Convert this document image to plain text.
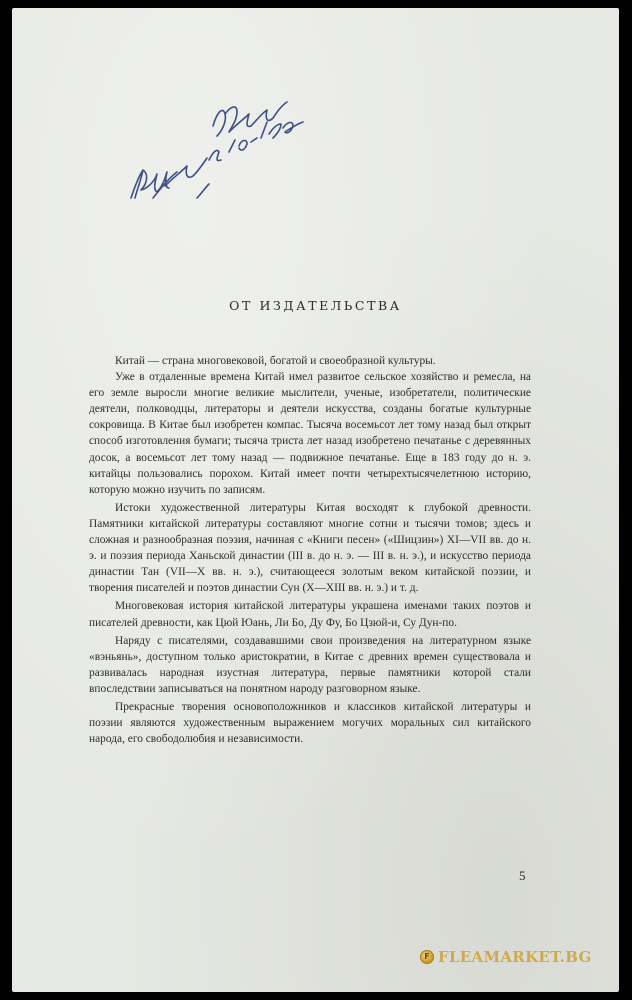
ОТ ИЗДАТЕЛЬСТВА

Китай — страна многовековой, богатой и своеобразной культуры.

Уже в отдаленные времена Китай имел развитое сельское хозяйство и ремесла, на его земле выросли многие великие мыслители, ученые, изобретатели, политические деятели, полководцы, литераторы и деятели искусства, созданы богатые культурные сокровища. В Китае был изобретен компас. Тысяча восемьсот лет тому назад был открыт способ изготовления бумаги; тысяча триста лет назад изобретено печатанье с деревянных досок, а восемьсот лет тому назад — подвижное печатанье. Еще в 183 году до н. э. китайцы пользовались порохом. Китай имеет почти четырехтысячелетнюю историю, которую можно изучить по записям.

Истоки художественной литературы Китая восходят к глубокой древности. Памятники китайской литературы составляют многие сотни и тысячи томов; здесь и сложная и разнообразная поэзия, начиная с «Книги песен» («Шицзин») XI—VII вв. до н. э. и поэзия периода Ханьской династии (III в. до н. э. — III в. н. э.), и искусство периода династии Тан (VII—X вв. н. э.), считающееся золотым веком китайской поэзии, и творения писателей и поэтов династии Сун (X—XIII вв. н. э.) и т. д.

Многовековая история китайской литературы украшена именами таких поэтов и писателей древности, как Цюй Юань, Ли Бо, Ду Фу, Бо Цзюй-и, Су Дун-по.

Наряду с писателями, создававшими свои произведения на литературном языке «вэньянь», доступном только аристократии, в Китае с древних времен существовала и развивалась народная изустная литература, первые памятники которой стали впоследствии записываться на понятном народу разговорном языке.

Прекрасные творения основоположников и классиков китайской литературы и поэзии являются художественным выражением могучих моральных сил китайского народа, его свободолюбия и независимости.

5
F FLEAMARKET.BG
